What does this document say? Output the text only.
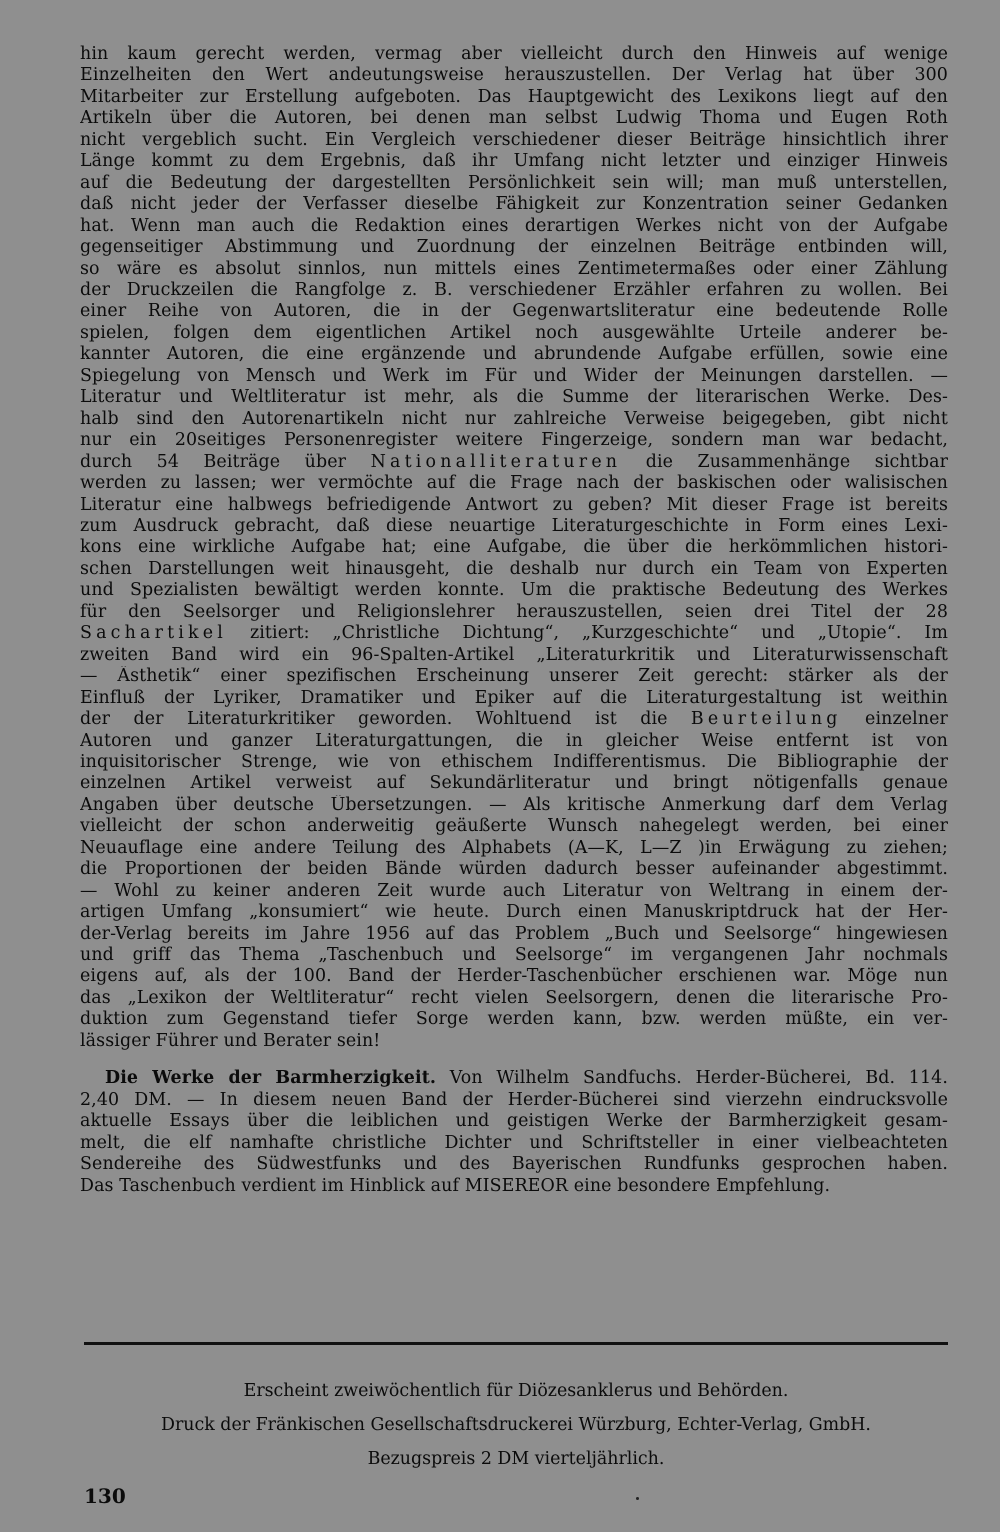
hin kaum gerecht werden, vermag aber vielleicht durch den Hinweis auf wenige
Einzelheiten den Wert andeutungsweise herauszustellen. Der Verlag hat über 300
Mitarbeiter zur Erstellung aufgeboten. Das Hauptgewicht des Lexikons liegt auf den
Artikeln über die Autoren, bei denen man selbst Ludwig Thoma und Eugen Roth
nicht vergeblich sucht. Ein Vergleich verschiedener dieser Beiträge hinsichtlich ihrer
Länge kommt zu dem Ergebnis, daß ihr Umfang nicht letzter und einziger Hinweis
auf die Bedeutung der dargestellten Persönlichkeit sein will; man muß unterstellen,
daß nicht jeder der Verfasser dieselbe Fähigkeit zur Konzentration seiner Gedanken
hat. Wenn man auch die Redaktion eines derartigen Werkes nicht von der Aufgabe
gegenseitiger Abstimmung und Zuordnung der einzelnen Beiträge entbinden will,
so wäre es absolut sinnlos, nun mittels eines Zentimetermaßes oder einer Zählung
der Druckzeilen die Rangfolge z. B. verschiedener Erzähler erfahren zu wollen. Bei
einer Reihe von Autoren, die in der Gegenwartsliteratur eine bedeutende Rolle
spielen, folgen dem eigentlichen Artikel noch ausgewählte Urteile anderer be-
kannter Autoren, die eine ergänzende und abrundende Aufgabe erfüllen, sowie eine
Spiegelung von Mensch und Werk im Für und Wider der Meinungen darstellen. —
Literatur und Weltliteratur ist mehr, als die Summe der literarischen Werke. Des-
halb sind den Autorenartikeln nicht nur zahlreiche Verweise beigegeben, gibt nicht
nur ein 20seitiges Personenregister weitere Fingerzeige, sondern man war bedacht,
durch 54 Beiträge über Nationalliteraturen die Zusammenhänge sichtbar
werden zu lassen; wer vermöchte auf die Frage nach der baskischen oder walisischen
Literatur eine halbwegs befriedigende Antwort zu geben? Mit dieser Frage ist bereits
zum Ausdruck gebracht, daß diese neuartige Literaturgeschichte in Form eines Lexi-
kons eine wirkliche Aufgabe hat; eine Aufgabe, die über die herkömmlichen histori-
schen Darstellungen weit hinausgeht, die deshalb nur durch ein Team von Experten
und Spezialisten bewältigt werden konnte. Um die praktische Bedeutung des Werkes
für den Seelsorger und Religionslehrer herauszustellen, seien drei Titel der 28
Sachartikel zitiert: „Christliche Dichtung“, „Kurzgeschichte“ und „Utopie“. Im
zweiten Band wird ein 96-Spalten-Artikel „Literaturkritik und Literaturwissenschaft
— Ästhetik“ einer spezifischen Erscheinung unserer Zeit gerecht: stärker als der
Einfluß der Lyriker, Dramatiker und Epiker auf die Literaturgestaltung ist weithin
der der Literaturkritiker geworden. Wohltuend ist die Beurteilung einzelner
Autoren und ganzer Literaturgattungen, die in gleicher Weise entfernt ist von
inquisitorischer Strenge, wie von ethischem Indifferentismus. Die Bibliographie der
einzelnen Artikel verweist auf Sekundärliteratur und bringt nötigenfalls genaue
Angaben über deutsche Übersetzungen. — Als kritische Anmerkung darf dem Verlag
vielleicht der schon anderweitig geäußerte Wunsch nahegelegt werden, bei einer
Neuauflage eine andere Teilung des Alphabets (A—K, L—Z )in Erwägung zu ziehen;
die Proportionen der beiden Bände würden dadurch besser aufeinander abgestimmt.
— Wohl zu keiner anderen Zeit wurde auch Literatur von Weltrang in einem der-
artigen Umfang „konsumiert“ wie heute. Durch einen Manuskriptdruck hat der Her-
der-Verlag bereits im Jahre 1956 auf das Problem „Buch und Seelsorge“ hingewiesen
und griff das Thema „Taschenbuch und Seelsorge“ im vergangenen Jahr nochmals
eigens auf, als der 100. Band der Herder-Taschenbücher erschienen war. Möge nun
das „Lexikon der Weltliteratur“ recht vielen Seelsorgern, denen die literarische Pro-
duktion zum Gegenstand tiefer Sorge werden kann, bzw. werden müßte, ein ver-
lässiger Führer und Berater sein!
Die Werke der Barmherzigkeit. Von Wilhelm Sandfuchs. Herder-Bücherei, Bd. 114.
2,40 DM. — In diesem neuen Band der Herder-Bücherei sind vierzehn eindrucksvolle
aktuelle Essays über die leiblichen und geistigen Werke der Barmherzigkeit gesam-
melt, die elf namhafte christliche Dichter und Schriftsteller in einer vielbeachteten
Sendereihe des Südwestfunks und des Bayerischen Rundfunks gesprochen haben.
Das Taschenbuch verdient im Hinblick auf MISEREOR eine besondere Empfehlung.
Erscheint zweiwöchentlich für Diözesanklerus und Behörden.
Druck der Fränkischen Gesellschaftsdruckerei Würzburg, Echter-Verlag, GmbH.
Bezugspreis 2 DM vierteljährlich.
130
